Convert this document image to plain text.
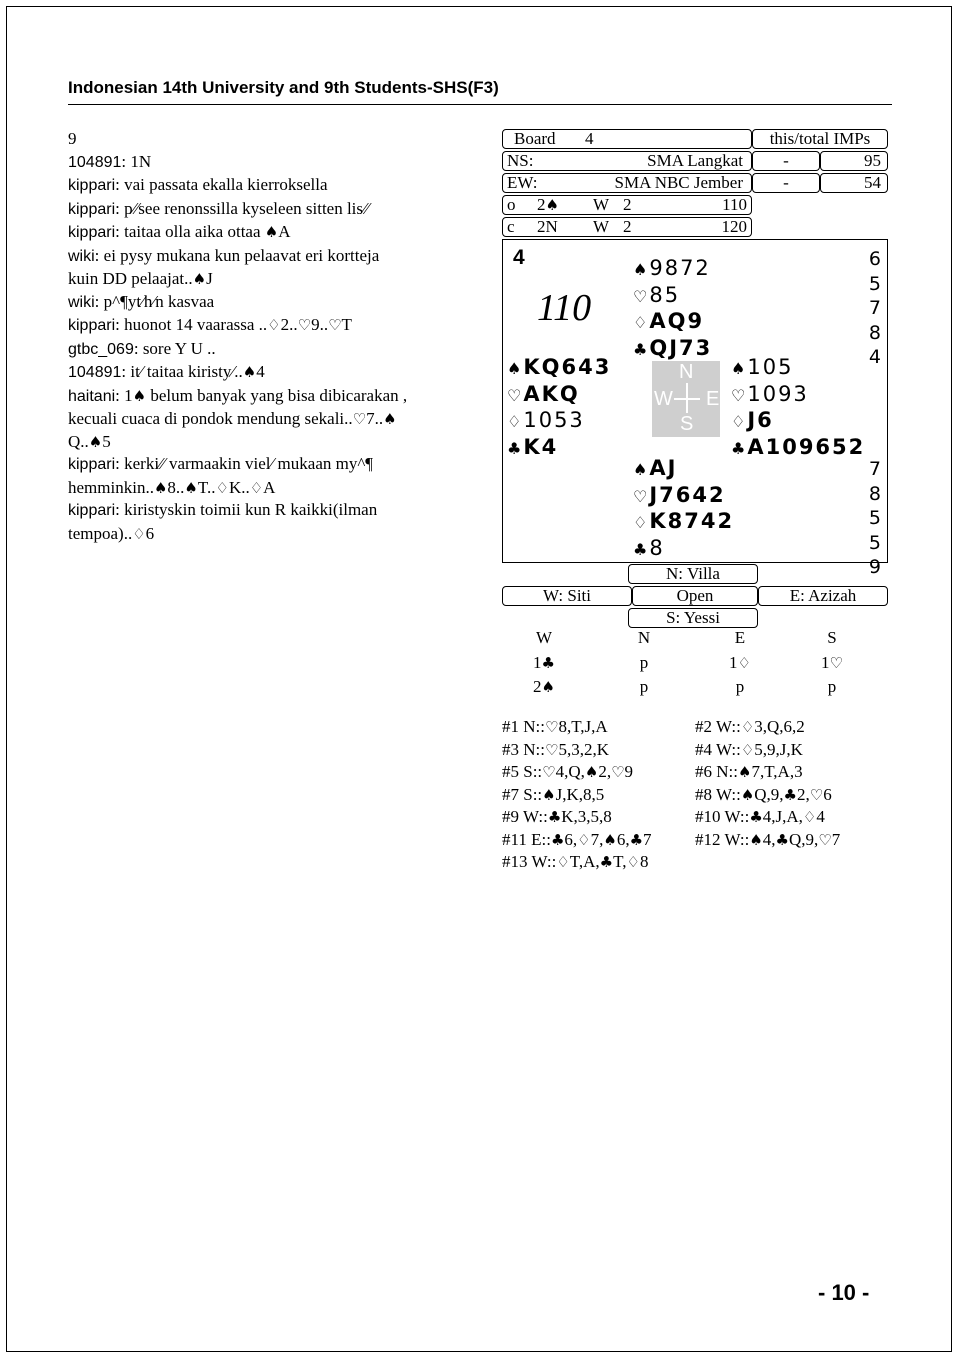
Indonesian 14th University and 9th Students-SHS(F3)
9
104891: 1N
kippari: vai passata ekalla kierroksella
kippari: p⁄⁄see renonssilla kyseleen sitten lis⁄⁄
kippari: taitaa olla aika ottaa ♠A
wiki: ei pysy mukana kun pelaavat eri kortteja
kuin DD pelaajat..♠J
wiki: p^¶yt⁄h⁄n kasvaa
kippari: huonot 14 vaarassa ..♢2..♡9..♡T
gtbc_069: sore Y U ..
104891: it⁄ taitaa kiristy⁄..♠4
haitani: 1♠ belum banyak yang bisa dibicarakan ,
kecuali cuaca di pondok mendung sekali..♡7..♠
Q..♠5
kippari: kerki⁄⁄ varmaakin viel⁄ mukaan my^¶
hemminkin..♠8..♠T..♢K..♢A
kippari: kiristyskin toimii kun R kaikki(ilman
tempoa)..♢6
Board 4	this/total IMPs
NS:	SMA Langkat	-	95
EW:	SMA NBC Jember	-	54
o 2♠ W 2	110
c 2N W 2	120
4
110
♠9872
♡85
♢AQ9
♣QJ73
♠KQ643
♡AKQ
♢1053
♣K4
♠105
♡1093
♢J6
♣A109652
♠AJ
♡J7642
♢K8742
♣8
N
S
W E
6
5
7
8
4
7
8
5
5
9
N: Villa
W: Siti	Open	E: Azizah
S: Yessi
W	N	E	S
1♣	p	1♢	1♡
2♠	p	p	p
#1 N::♡8,T,J,A	#2 W::♢3,Q,6,2
#3 N::♡5,3,2,K	#4 W::♢5,9,J,K
#5 S::♡4,Q,♠2,♡9	#6 N::♠7,T,A,3
#7 S::♠J,K,8,5	#8 W::♠Q,9,♣2,♡6
#9 W::♣K,3,5,8	#10 W::♣4,J,A,♢4
#11 E::♣6,♢7,♠6,♣7	#12 W::♠4,♣Q,9,♡7
#13 W::♢T,A,♣T,♢8
- 10 -
